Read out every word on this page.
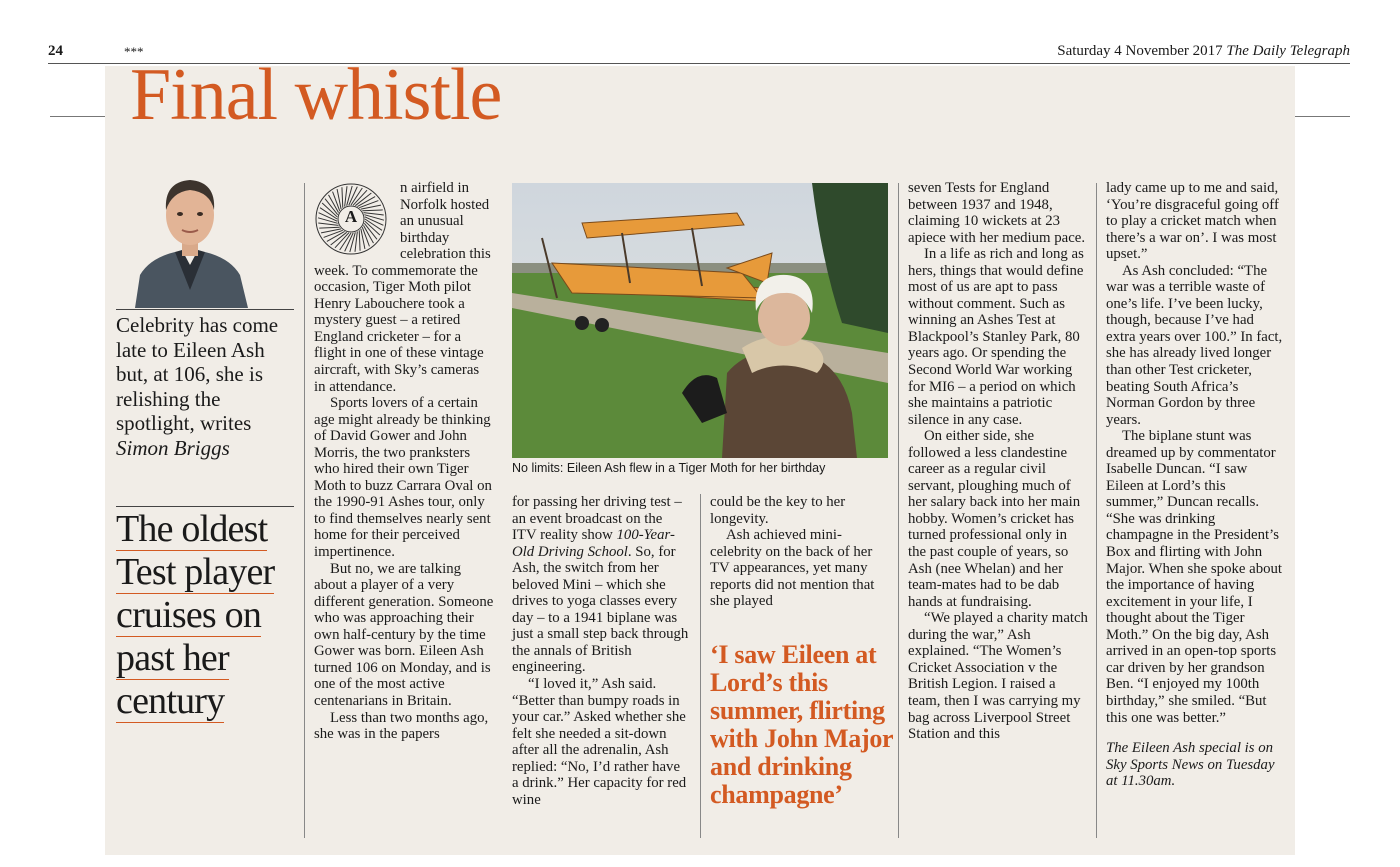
24	***	Saturday 4 November 2017 The Daily Telegraph
Final whistle
Celebrity has come late to Eileen Ash but, at 106, she is relishing the spotlight, writes Simon Briggs
The oldest
Test player
cruises on
past her
century
A

n airfield in Norfolk hosted an unusual birthday celebration this week. To commemorate the occasion, Tiger Moth pilot Henry Labouchere took a mystery guest – a retired England cricketer – for a flight in one of these vintage aircraft, with Sky’s cameras in attendance.

Sports lovers of a certain age might already be thinking of David Gower and John Morris, the two pranksters who hired their own Tiger Moth to buzz Carrara Oval on the 1990-91 Ashes tour, only to find themselves nearly sent home for their perceived impertinence.

But no, we are talking about a player of a very different generation. Someone who was approaching their own half-century by the time Gower was born. Eileen Ash turned 106 on Monday, and is one of the most active centenarians in Britain.

Less than two months ago, she was in the papers

No limits: Eileen Ash flew in a Tiger Moth for her birthday

for passing her driving test – an event broadcast on the ITV reality show 100-Year-Old Driving School. So, for Ash, the switch from her beloved Mini – which she drives to yoga classes every day – to a 1941 biplane was just a small step back through the annals of British engineering.

“I loved it,” Ash said. “Better than bumpy roads in your car.” Asked whether she felt she needed a sit-down after all the adrenalin, Ash replied: “No, I’d rather have a drink.” Her capacity for red wine

could be the key to her longevity.

Ash achieved mini-celebrity on the back of her TV appearances, yet many reports did not mention that she played

‘I saw Eileen at Lord’s this summer, flirting with John Major and drinking champagne’

seven Tests for England between 1937 and 1948, claiming 10 wickets at 23 apiece with her medium pace.

In a life as rich and long as hers, things that would define most of us are apt to pass without comment. Such as winning an Ashes Test at Blackpool’s Stanley Park, 80 years ago. Or spending the Second World War working for MI6 – a period on which she maintains a patriotic silence in any case.

On either side, she followed a less clandestine career as a regular civil servant, ploughing much of her salary back into her main hobby. Women’s cricket has turned professional only in the past couple of years, so Ash (nee Whelan) and her team-mates had to be dab hands at fundraising.

“We played a charity match during the war,” Ash explained. “The Women’s Cricket Association v the British Legion. I raised a team, then I was carrying my bag across Liverpool Street Station and this

lady came up to me and said, ‘You’re disgraceful going off to play a cricket match when there’s a war on’. I was most upset.”

As Ash concluded: “The war was a terrible waste of one’s life. I’ve been lucky, though, because I’ve had extra years over 100.” In fact, she has already lived longer than other Test cricketer, beating South Africa’s Norman Gordon by three years.

The biplane stunt was dreamed up by commentator Isabelle Duncan. “I saw Eileen at Lord’s this summer,” Duncan recalls. “She was drinking champagne in the President’s Box and flirting with John Major. When she spoke about the importance of having excitement in your life, I thought about the Tiger Moth.” On the big day, Ash arrived in an open-top sports car driven by her grandson Ben. “I enjoyed my 100th birthday,” she smiled. “But this one was better.”

The Eileen Ash special is on Sky Sports News on Tuesday at 11.30am.
